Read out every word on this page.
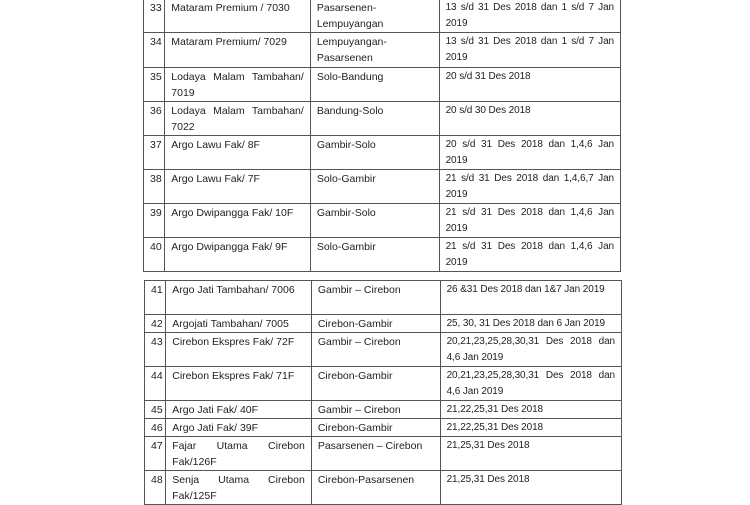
33	Mataram Premium / 7030	Pasarsenen-Lempuyangan	13 s/d 31 Des 2018 dan 1 s/d 7 Jan 2019
34	Mataram Premium/ 7029	Lempuyangan-Pasarsenen	13 s/d 31 Des 2018 dan 1 s/d 7 Jan 2019
35	Lodaya Malam Tambahan/ 7019	Solo-Bandung	20 s/d 31 Des 2018
36	Lodaya Malam Tambahan/ 7022	Bandung-Solo	20 s/d 30 Des 2018
37	Argo Lawu Fak/ 8F	Gambir-Solo	20 s/d 31 Des 2018 dan 1,4,6 Jan 2019
38	Argo Lawu Fak/ 7F	Solo-Gambir	21 s/d 31 Des 2018 dan 1,4,6,7 Jan 2019
39	Argo Dwipangga Fak/ 10F	Gambir-Solo	21 s/d 31 Des 2018 dan 1,4,6 Jan 2019
40	Argo Dwipangga Fak/ 9F	Solo-Gambir	21 s/d 31 Des 2018 dan 1,4,6 Jan 2019
41	Argo Jati Tambahan/ 7006	Gambir – Cirebon	26 &31 Des 2018 dan 1&7 Jan 2019
42	Argojati Tambahan/ 7005	Cirebon-Gambir	25, 30, 31 Des 2018 dan 6 Jan 2019
43	Cirebon Ekspres Fak/ 72F	Gambir – Cirebon	20,21,23,25,28,30,31 Des 2018 dan 4,6 Jan 2019
44	Cirebon Ekspres Fak/ 71F	Cirebon-Gambir	20,21,23,25,28,30,31 Des 2018 dan 4,6 Jan 2019
45	Argo Jati Fak/ 40F	Gambir – Cirebon	21,22,25,31 Des 2018
46	Argo Jati Fak/ 39F	Cirebon-Gambir	21,22,25,31 Des 2018
47	Fajar Utama Cirebon Fak/126F	Pasarsenen – Cirebon	21,25,31 Des 2018
48	Senja Utama Cirebon Fak/125F	Cirebon-Pasarsenen	21,25,31 Des 2018
